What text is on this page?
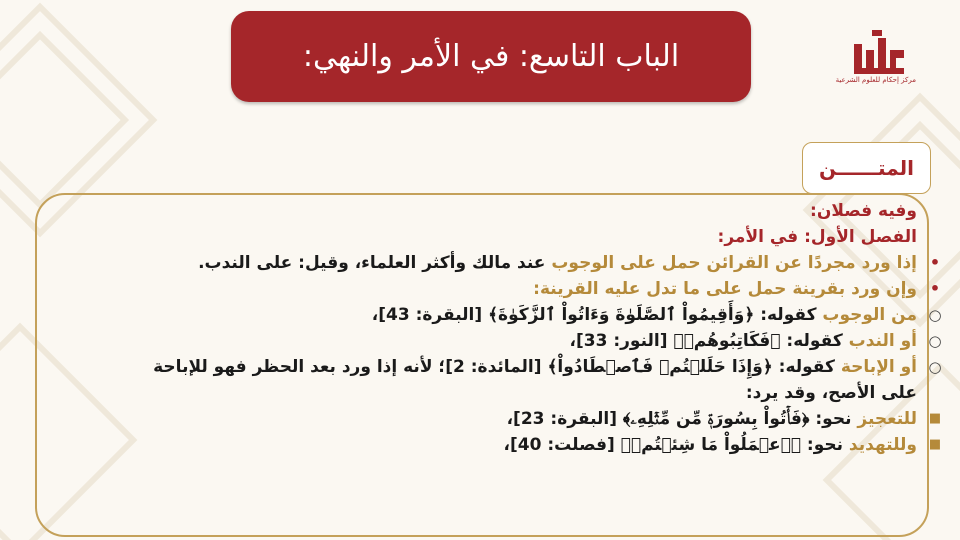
الباب التاسع: في الأمر والنهي:
مركز إحكام للعلوم الشرعية
المتــــــن
وفيه فصلان:
الفصل الأول: في الأمر:
•
إذا ورد مجردًا عن القرائن حمل على الوجوب عند مالك وأكثر العلماء، وقيل: على الندب.
•
وإن ورد بقرينة حمل على ما تدل عليه القرينة:
○
من الوجوب كقوله: ﴿وَأَقِيمُواْ ٱلصَّلَوٰةَ وَءَاتُواْ ٱلزَّكَوٰةَ﴾ [البقرة: 43]،
○
أو الندب كقوله: ﴿فَكَاتِبُوهُمۡ﴾ [النور: 33]،
○
أو الإباحة كقوله: ﴿وَإِذَا حَلَلۡتُمۡ فَٱصۡطَادُواْ﴾ [المائدة: 2]؛ لأنه إذا ورد بعد الحظر فهو للإباحة
على الأصح، وقد يرد:
■
للتعجيز نحو: ﴿فَأۡتُواْ بِسُورَةٖ مِّن مِّثۡلِهِۦ﴾ [البقرة: 23]،
■
وللتهديد نحو: ﴿ٱعۡمَلُواْ مَا شِئۡتُمۡ﴾ [فصلت: 40]،
